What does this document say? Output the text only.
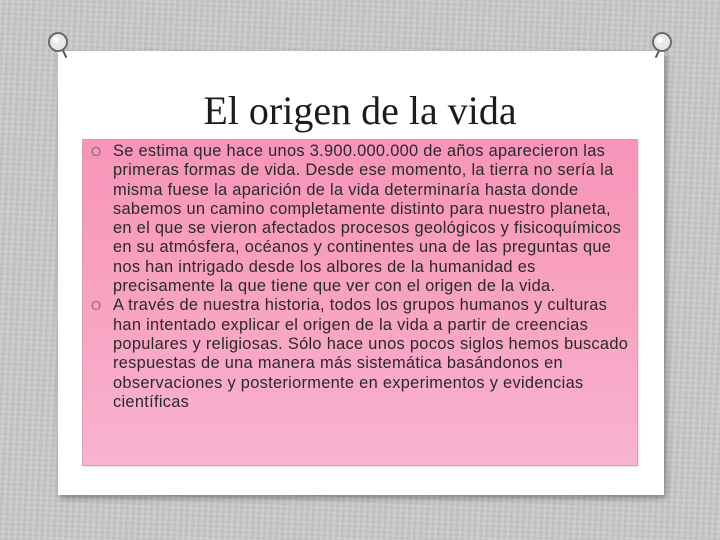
El origen de la vida
O Se estima que hace unos 3.900.000.000 de años aparecieron las primeras formas de vida. Desde ese momento, la tierra no sería la misma fuese la aparición de la vida determinaría hasta donde sabemos un camino completamente distinto para nuestro planeta, en el que se vieron afectados procesos geológicos y fisicoquímicos en su atmósfera, océanos y continentes una de las preguntas que nos han intrigado desde los albores de la humanidad es precisamente la que tiene que ver con el origen de la vida.
O A través de nuestra historia, todos los grupos humanos y culturas han intentado explicar el origen de la vida a partir de creencias populares y religiosas. Sólo hace unos pocos siglos hemos buscado respuestas de una manera más sistemática basándonos en observaciones y posteriormente en experimentos y evidencias científicas
